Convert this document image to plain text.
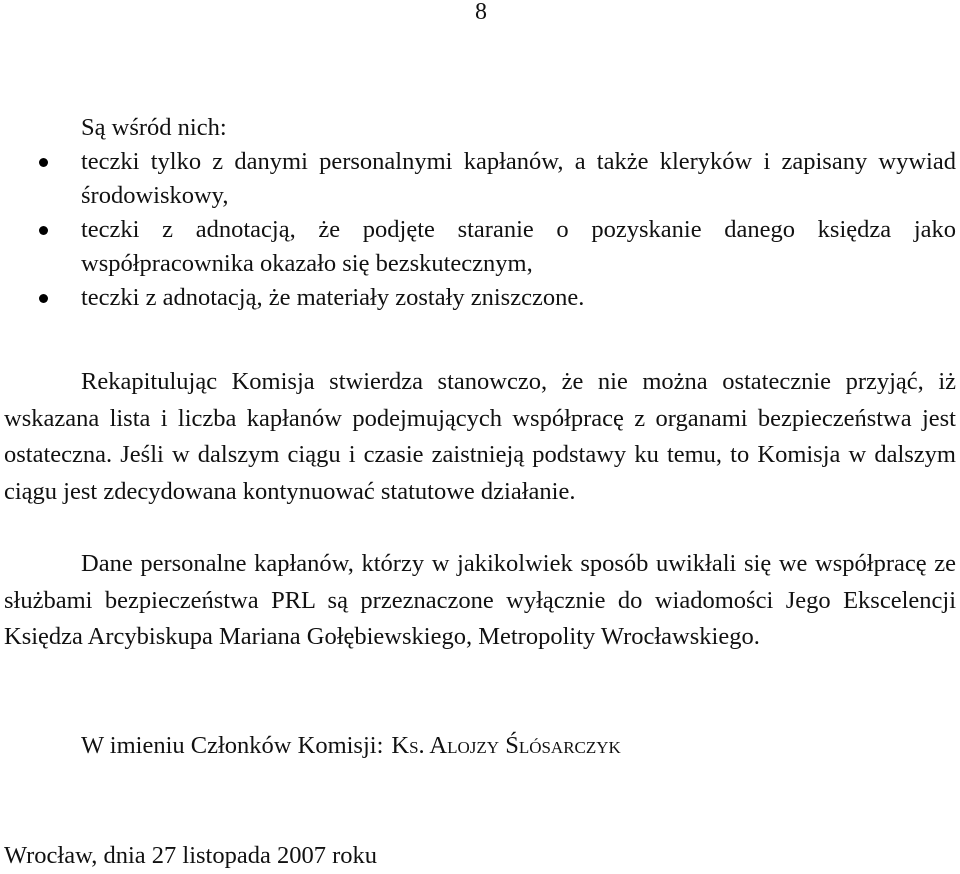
8
Są wśród nich:
teczki tylko z danymi personalnymi kapłanów, a także kleryków i zapisany wywiad środowiskowy,
teczki z adnotacją, że podjęte staranie o pozyskanie danego księdza jako współpracownika okazało się bezskutecznym,
teczki z adnotacją, że materiały zostały zniszczone.

Rekapitulując Komisja stwierdza stanowczo, że nie można ostatecznie przyjąć, iż wskazana lista i liczba kapłanów podejmujących współpracę z organami bezpieczeństwa jest ostateczna. Jeśli w dalszym ciągu i czasie zaistnieją podstawy ku temu, to Komisja w dalszym ciągu jest zdecydowana kontynuować statutowe działanie.

Dane personalne kapłanów, którzy w jakikolwiek sposób uwikłali się we współpracę ze służbami bezpieczeństwa PRL są przeznaczone wyłącznie do wiadomości Jego Ekscelencji Księdza Arcybiskupa Mariana Gołębiewskiego, Metropolity Wrocławskiego.

W imieniu Członków Komisji: Ks. Alojzy Ślósarczyk
Wrocław, dnia 27 listopada 2007 roku
